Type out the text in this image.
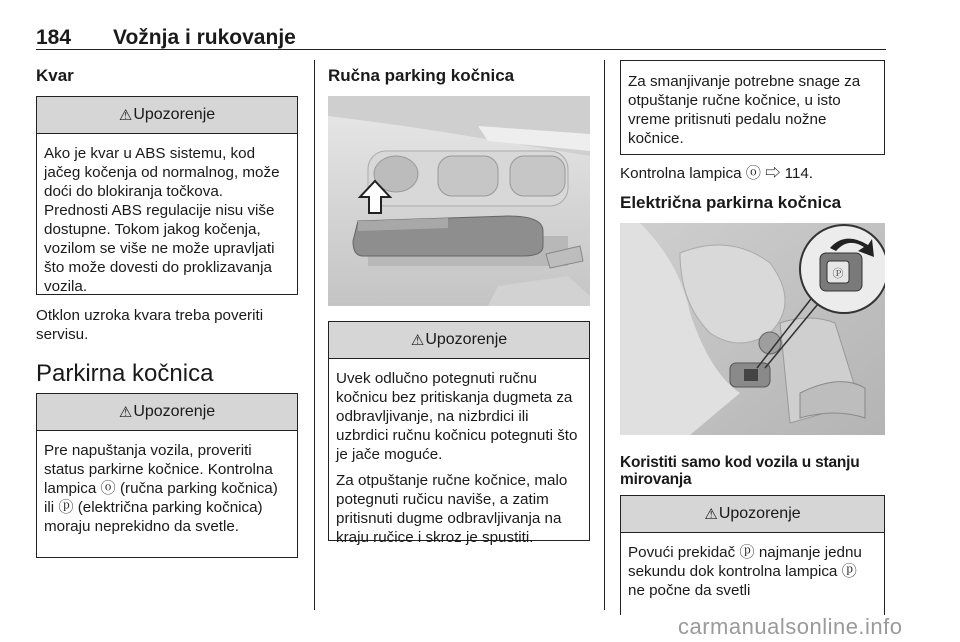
184 Vožnja i rukovanje
Kvar
⚠ Upozorenje
Ako je kvar u ABS sistemu, kod jačeg kočenja od normalnog, može doći do blokiranja točkova. Prednosti ABS regulacije nisu više dostupne. Tokom jakog kočenja, vozilom se više ne može upravljati što može dovesti do proklizavanja vozila.
Otklon uzroka kvara treba poveriti servisu.
Parkirna kočnica
⚠ Upozorenje
Pre napuštanja vozila, proveriti status parkirne kočnice. Kontrolna lampica ⓞ (ručna parking kočnica) ili ⓟ (električna parking kočnica) moraju neprekidno da svetle.
Ručna parking kočnica
⚠ Upozorenje

Uvek odlučno potegnuti ručnu kočnicu bez pritiskanja dugmeta za odbravljivanje, na nizbrdici ili uzbrdici ručnu kočnicu potegnuti što je jače moguće.

Za otpuštanje ručne kočnice, malo potegnuti ručicu naviše, a zatim pritisnuti dugme odbravljivanja na kraju ručice i skroz je spustiti.

Za smanjivanje potrebne snage za otpuštanje ručne kočnice, u isto vreme pritisnuti pedalu nožne kočnice.
Kontrolna lampica ⓞ ⇨ 114.
Električna parkirna kočnica
Ⓟ
Koristiti samo kod vozila u stanju mirovanja
⚠ Upozorenje
Povući prekidač ⓟ najmanje jednu sekundu dok kontrolna lampica ⓟ ne počne da svetli
carmanualsonline.info
